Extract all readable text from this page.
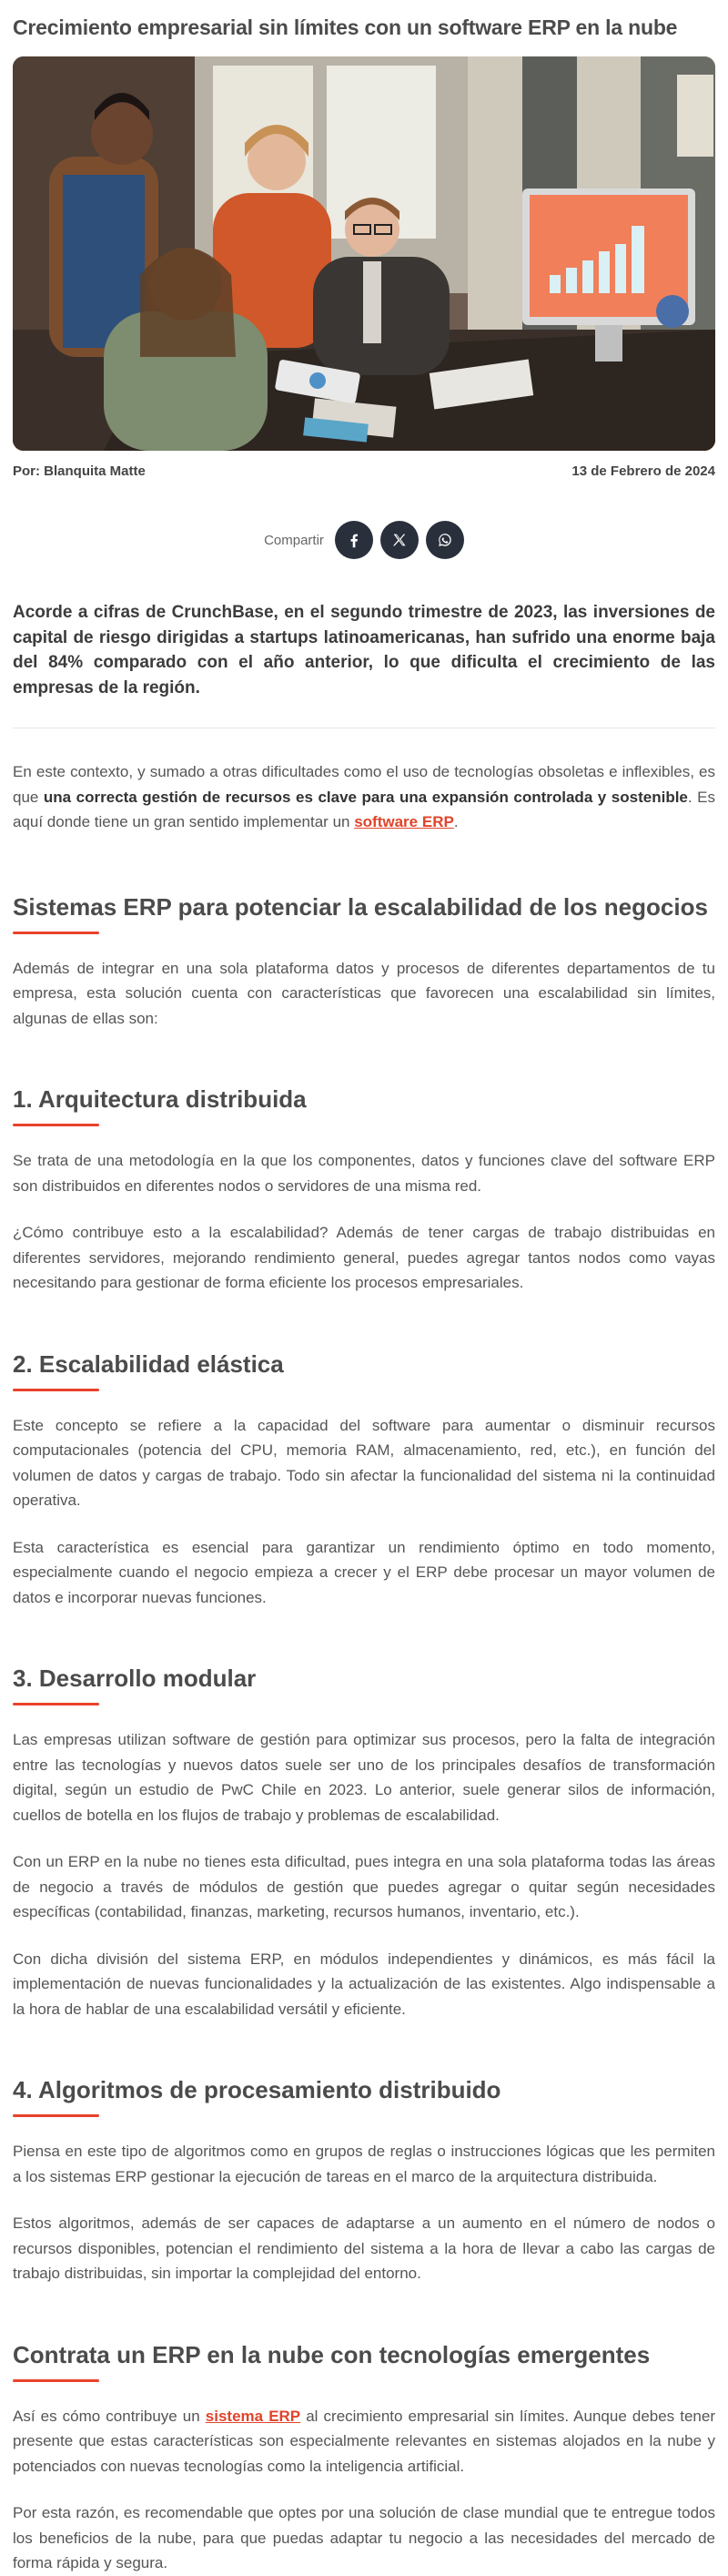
Crecimiento empresarial sin límites con un software ERP en la nube
Por: Blanquita Matte	13 de Febrero de 2024
Compartir

Acorde a cifras de CrunchBase, en el segundo trimestre de 2023, las inversiones de capital de riesgo dirigidas a startups latinoamericanas, han sufrido una enorme baja del 84% comparado con el año anterior, lo que dificulta el crecimiento de las empresas de la región.

En este contexto, y sumado a otras dificultades como el uso de tecnologías obsoletas e inflexibles, es que una correcta gestión de recursos es clave para una expansión controlada y sostenible. Es aquí donde tiene un gran sentido implementar un software ERP.

Sistemas ERP para potenciar la escalabilidad de los negocios

Además de integrar en una sola plataforma datos y procesos de diferentes departamentos de tu empresa, esta solución cuenta con características que favorecen una escalabilidad sin límites, algunas de ellas son:

1. Arquitectura distribuida

Se trata de una metodología en la que los componentes, datos y funciones clave del software ERP son distribuidos en diferentes nodos o servidores de una misma red.

¿Cómo contribuye esto a la escalabilidad? Además de tener cargas de trabajo distribuidas en diferentes servidores, mejorando rendimiento general, puedes agregar tantos nodos como vayas necesitando para gestionar de forma eficiente los procesos empresariales.

2. Escalabilidad elástica

Este concepto se refiere a la capacidad del software para aumentar o disminuir recursos computacionales (potencia del CPU, memoria RAM, almacenamiento, red, etc.), en función del volumen de datos y cargas de trabajo. Todo sin afectar la funcionalidad del sistema ni la continuidad operativa.

Esta característica es esencial para garantizar un rendimiento óptimo en todo momento, especialmente cuando el negocio empieza a crecer y el ERP debe procesar un mayor volumen de datos e incorporar nuevas funciones.

3. Desarrollo modular

Las empresas utilizan software de gestión para optimizar sus procesos, pero la falta de integración entre las tecnologías y nuevos datos suele ser uno de los principales desafíos de transformación digital, según un estudio de PwC Chile en 2023. Lo anterior, suele generar silos de información, cuellos de botella en los flujos de trabajo y problemas de escalabilidad.

Con un ERP en la nube no tienes esta dificultad, pues integra en una sola plataforma todas las áreas de negocio a través de módulos de gestión que puedes agregar o quitar según necesidades específicas (contabilidad, finanzas, marketing, recursos humanos, inventario, etc.).

Con dicha división del sistema ERP, en módulos independientes y dinámicos, es más fácil la implementación de nuevas funcionalidades y la actualización de las existentes. Algo indispensable a la hora de hablar de una escalabilidad versátil y eficiente.

4. Algoritmos de procesamiento distribuido

Piensa en este tipo de algoritmos como en grupos de reglas o instrucciones lógicas que les permiten a los sistemas ERP gestionar la ejecución de tareas en el marco de la arquitectura distribuida.

Estos algoritmos, además de ser capaces de adaptarse a un aumento en el número de nodos o recursos disponibles, potencian el rendimiento del sistema a la hora de llevar a cabo las cargas de trabajo distribuidas, sin importar la complejidad del entorno.

Contrata un ERP en la nube con tecnologías emergentes

Así es cómo contribuye un sistema ERP al crecimiento empresarial sin límites. Aunque debes tener presente que estas características son especialmente relevantes en sistemas alojados en la nube y potenciados con nuevas tecnologías como la inteligencia artificial.

Por esta razón, es recomendable que optes por una solución de clase mundial que te entregue todos los beneficios de la nube, para que puedas adaptar tu negocio a las necesidades del mercado de forma rápida y segura.
